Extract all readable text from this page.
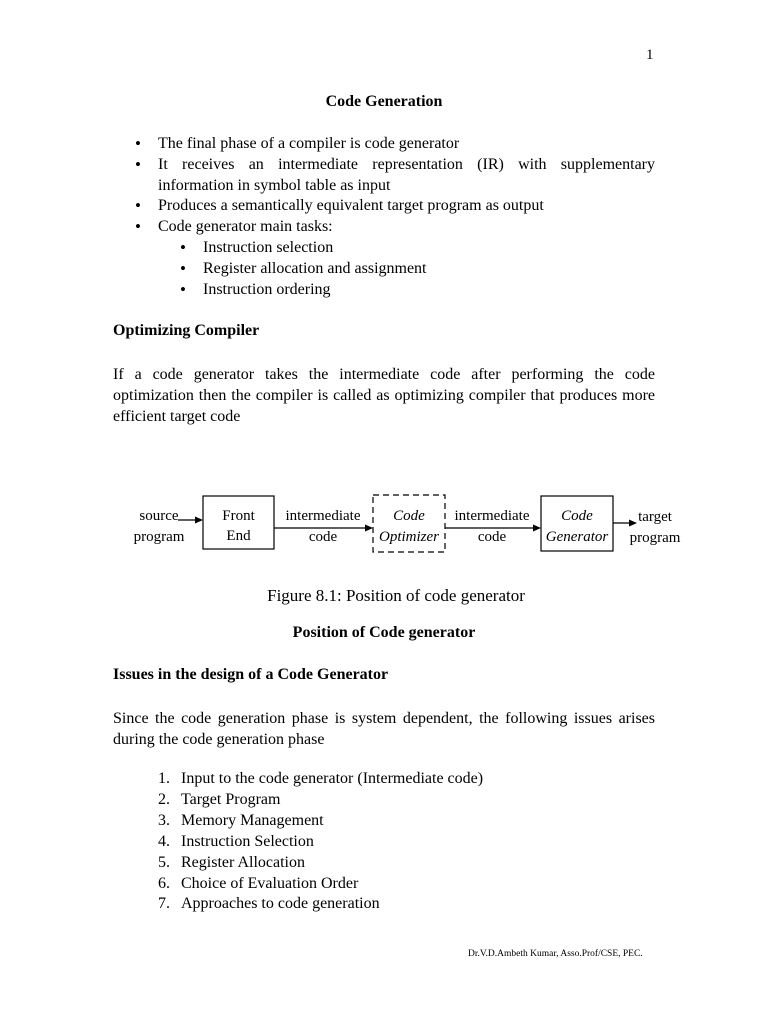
1
Code Generation
• The final phase of a compiler is code generator
• It receives an intermediate representation (IR) with supplementary information in symbol table as input
• Produces a semantically equivalent target program as output
• Code generator main tasks:
• Instruction selection
• Register allocation and assignment
• Instruction ordering
Optimizing Compiler
If a code generator takes the intermediate code after performing the code optimization then the compiler is called as optimizing compiler that produces more efficient target code
source
program
Front
End
intermediate
code
Code
Optimizer
intermediate
code
Code
Generator
target
program
Figure 8.1: Position of code generator
Position of Code generator
Issues in the design of a Code Generator
Since the code generation phase is system dependent, the following issues arises during the code generation phase
1. Input to the code generator (Intermediate code)
2. Target Program
3. Memory Management
4. Instruction Selection
5. Register Allocation
6. Choice of Evaluation Order
7. Approaches to code generation
Dr.V.D.Ambeth Kumar, Asso.Prof/CSE, PEC.
